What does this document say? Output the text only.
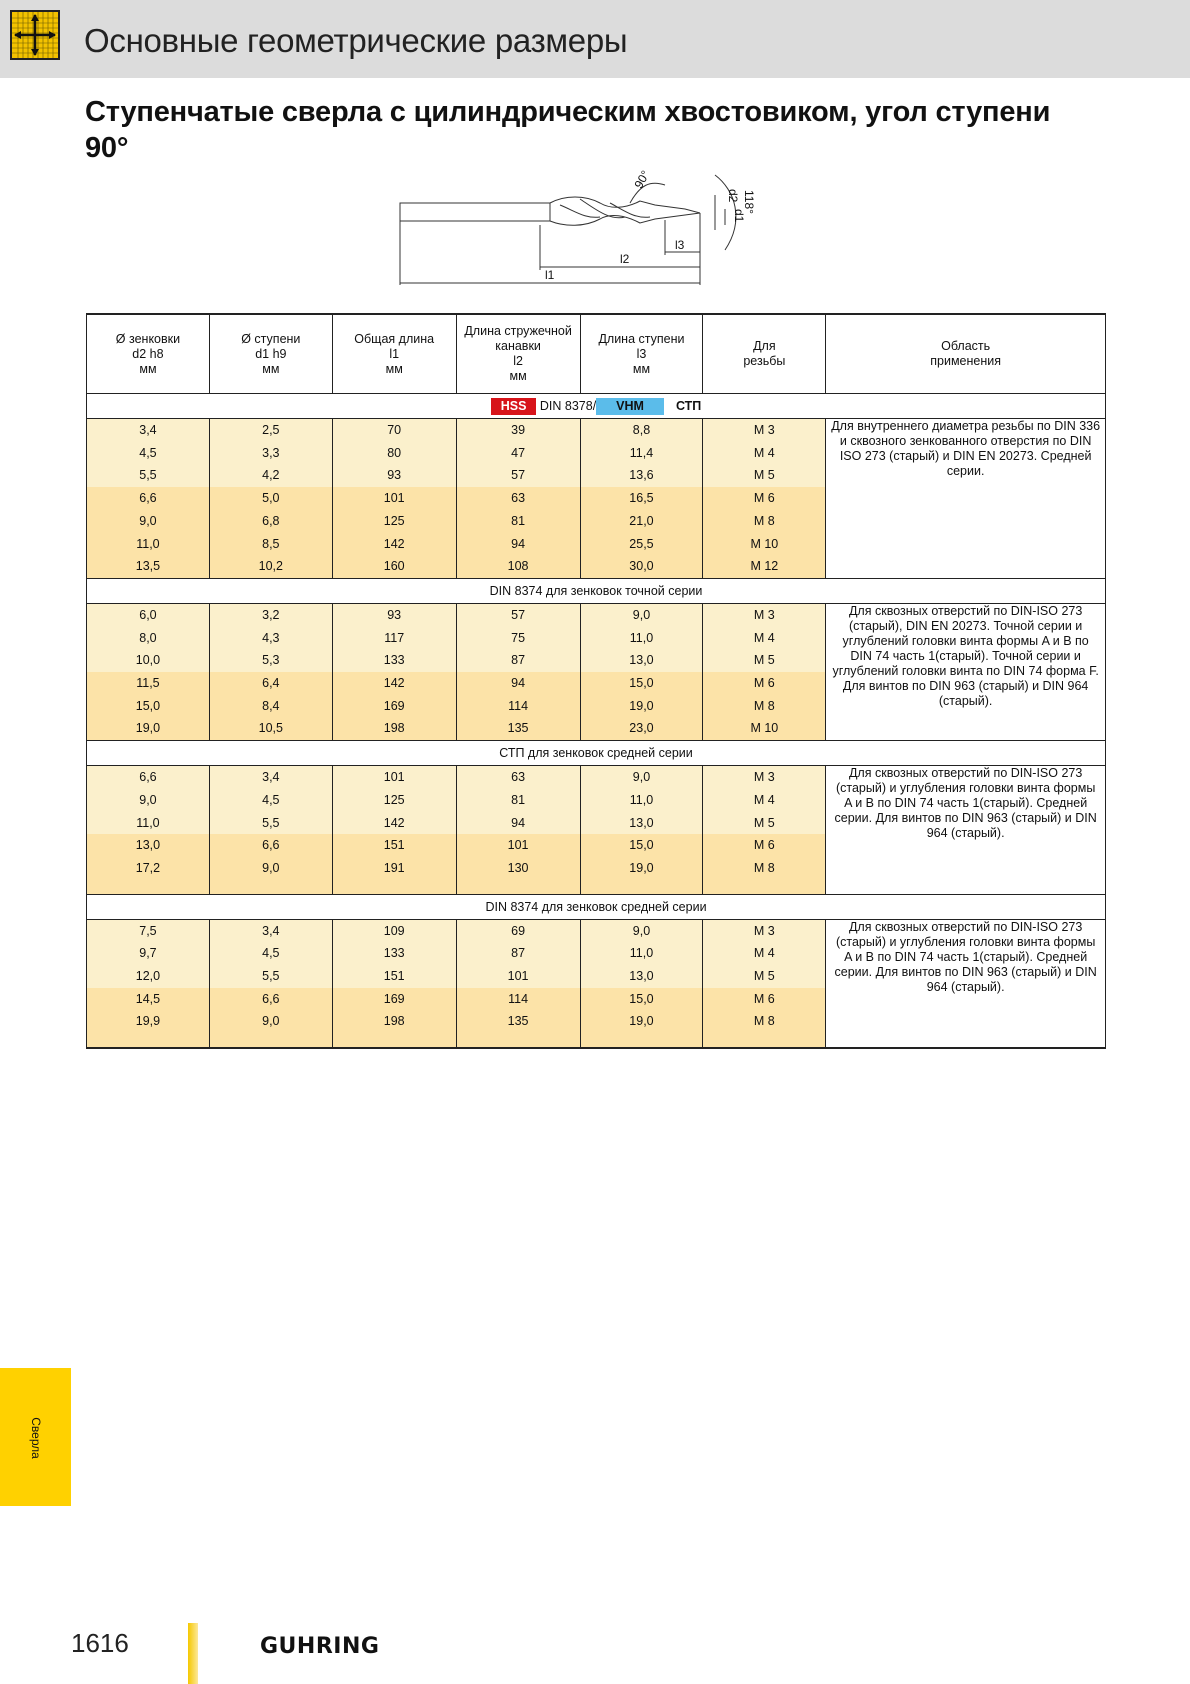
Основные геометрические размеры
Ступенчатые сверла с цилиндрическим хвостовиком, угол ступени 90°
l1
l2
l3
90°
118°
d2
d1
Ø зенковки
d2 h8
мм	Ø ступени
d1 h9
мм	Общая длина
l1
мм	Длина стружечной
канавки
l2
мм	Длина ступени
l3
мм	Для
резьбы	Область
применения
HSS DIN 8378/ VHM СТП						
3,4	2,5	70	39	8,8	M 3	Для внутреннего диаметра резьбы по DIN 336 и сквозного зенкованного отверстия по DIN ISO 273 (старый) и DIN EN 20273. Средней серии.
4,5	3,3	80	47	11,4	M 4	
5,5	4,2	93	57	13,6	M 5	
6,6	5,0	101	63	16,5	M 6	
9,0	6,8	125	81	21,0	M 8	
11,0	8,5	142	94	25,5	M 10	
13,5	10,2	160	108	30,0	M 12	
DIN 8374 для зенковок точной серии						
6,0	3,2	93	57	9,0	M 3	Для сквозных отверстий по DIN-ISO 273 (старый), DIN EN 20273. Точной серии и углублений головки винта формы A и B по DIN 74 часть 1(старый). Точной серии и углублений головки винта по DIN 74 форма F. Для винтов по DIN 963 (старый) и DIN 964 (старый).
8,0	4,3	117	75	11,0	M 4	
10,0	5,3	133	87	13,0	M 5	
11,5	6,4	142	94	15,0	M 6	
15,0	8,4	169	114	19,0	M 8	
19,0	10,5	198	135	23,0	M 10	
СТП для зенковок средней серии						
6,6	3,4	101	63	9,0	M 3	Для сквозных отверстий по DIN-ISO 273 (старый) и углубления головки винта формы A и B по DIN 74 часть 1(старый). Средней серии. Для винтов по DIN 963 (старый) и DIN 964 (старый).
9,0	4,5	125	81	11,0	M 4	
11,0	5,5	142	94	13,0	M 5	
13,0	6,6	151	101	15,0	M 6	
17,2	9,0	191	130	19,0	M 8	

DIN 8374 для зенковок средней серии						
7,5	3,4	109	69	9,0	M 3	Для сквозных отверстий по DIN-ISO 273 (старый) и углубления головки винта формы A и B по DIN 74 часть 1(старый). Средней серии. Для винтов по DIN 963 (старый) и DIN 964 (старый).
9,7	4,5	133	87	11,0	M 4	
12,0	5,5	151	101	13,0	M 5	
14,5	6,6	169	114	15,0	M 6	
19,9	9,0	198	135	19,0	M 8	

Сверла
1616	GUHRING
